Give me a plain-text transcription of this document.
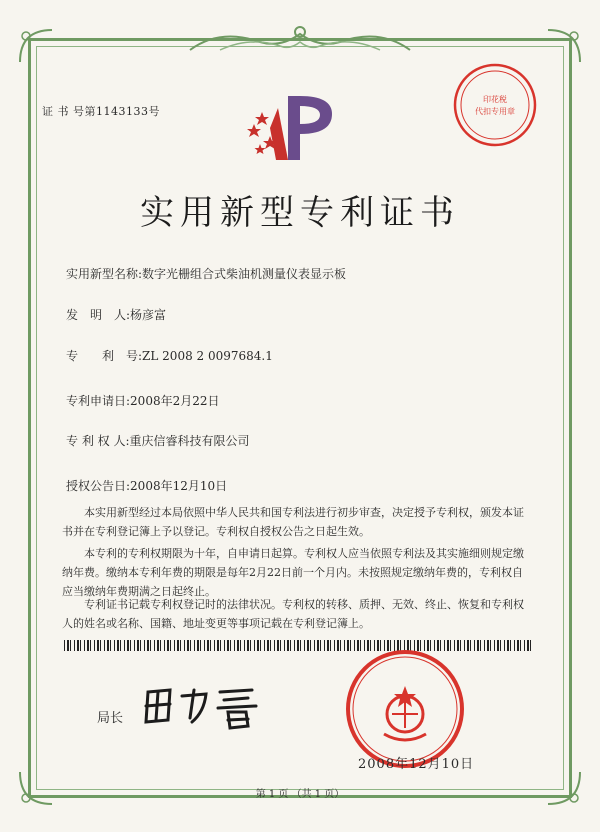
证 书 号第1143133号
印花税
代扣专用章
实用新型专利证书
实用新型名称:数字光栅组合式柴油机测量仪表显示板
发　明　人:杨彦富
专　　利　号:ZL 2008 2 0097684.1
专利申请日:2008年2月22日
专 利 权 人:重庆信睿科技有限公司
授权公告日:2008年12月10日
本实用新型经过本局依照中华人民共和国专利法进行初步审查，决定授予专利权，颁发本证书并在专利登记簿上予以登记。专利权自授权公告之日起生效。
本专利的专利权期限为十年，自申请日起算。专利权人应当依照专利法及其实施细则规定缴纳年费。缴纳本专利年费的期限是每年2月22日前一个月内。未按照规定缴纳年费的，专利权自应当缴纳年费期满之日起终止。
专利证书记载专利权登记时的法律状况。专利权的转移、质押、无效、终止、恢复和专利权人的姓名或名称、国籍、地址变更等事项记载在专利登记簿上。
局长
2008年12月10日
第 1 页 （共 1 页）
